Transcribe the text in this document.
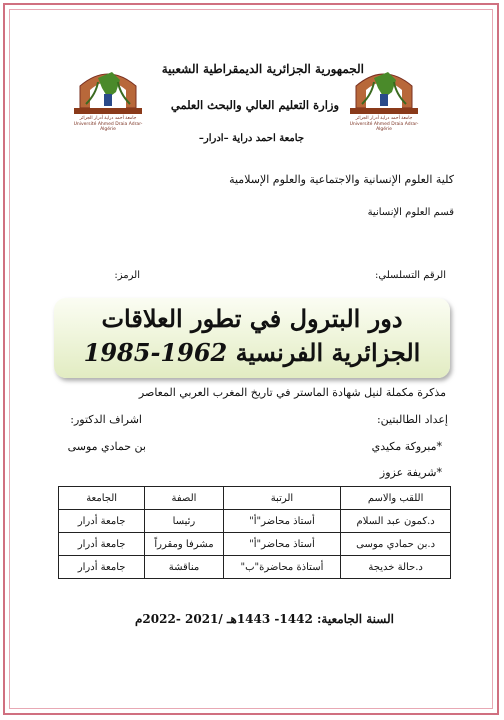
جامعة أحمد دراية أدرار الجزائر
Université Ahmed Draia Adrar- Algérie
جامعة أحمد دراية أدرار الجزائر
Université Ahmed Draia Adrar- Algérie
الجمهورية الجزائرية الديمقراطية الشعبية
وزارة التعليم العالي والبحث العلمي
جامعة احمد دراية –ادرار–
كلية العلوم الإنسانية والاجتماعية والعلوم الإسلامية
قسم العلوم الإنسانية
الرقم التسلسلي:
الرمز:
دور البترول في تطور العلاقات
الجزائرية الفرنسية 1962-1985
مذكرة مكملة لنيل شهادة الماستر في تاريخ المغرب العربي المعاصر
إعداد الطالبتين:
اشراف الدكتور:
*مبروكة مكيدي
بن حمادي موسى
*شريفة عزوز
اللقب والاسم	الرتبة	الصفة	الجامعة
د.كمون عبد السلام	أستاذ محاضر"أ"	رئيسا	جامعة أدرار
د.بن حمادي موسى	أستاذ محاضر"أ"	مشرفا ومقرراً	جامعة أدرار
د.حالة خديجة	أستاذة محاضرة"ب"	مناقشة	جامعة أدرار
السنة الجامعية: 1442- 1443هـ /2021 -2022م
